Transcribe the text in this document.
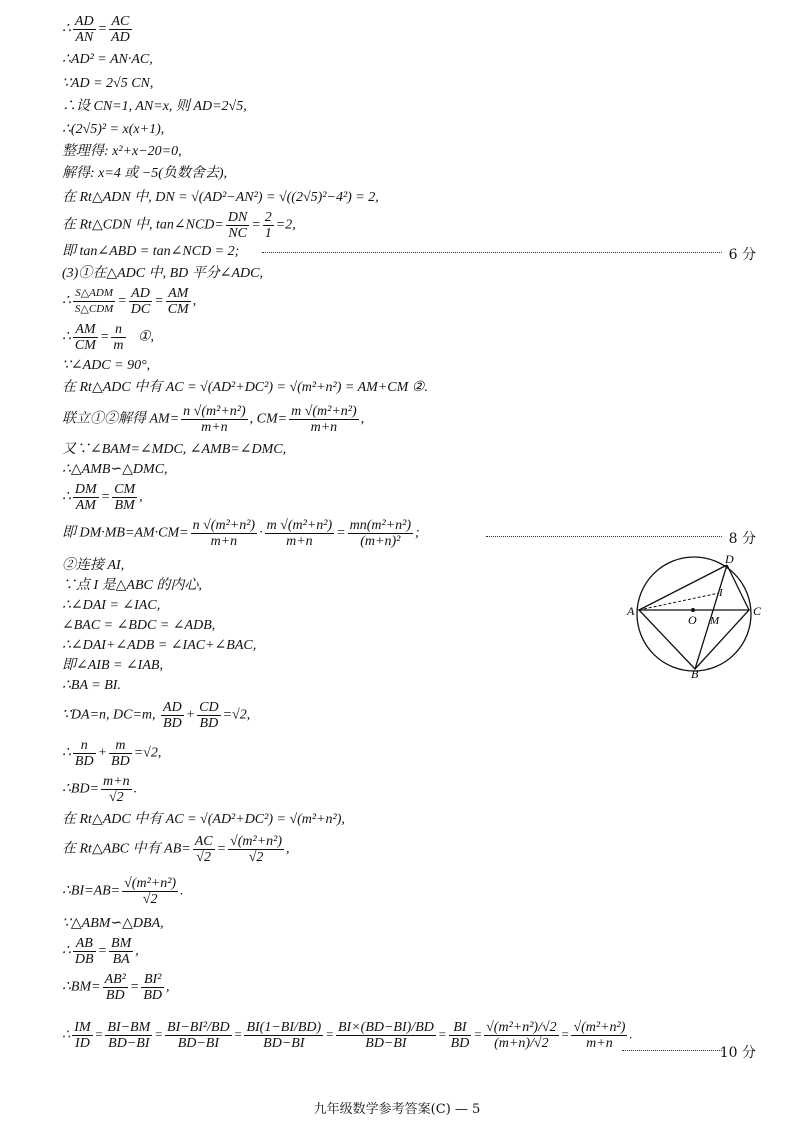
∴ $\frac{AD}{AN} = \frac{AC}{AD}$
∴AD² = AN·AC,
∵AD = 2√5 CN,
∴设 CN=1, AN=x, 则 AD=2√5,
∴(2√5)² = x(x+1),
整理得: x²+x−20=0,
解得: x=4 或 −5(负数舍去),
在 Rt△ADN 中, DN = √(AD²−AN²) = √((2√5)²−4²) = 2,
在 Rt△CDN 中, tan∠NCD= $\frac{DN}{NC} = \frac{2}{1} =2$,
即 tan∠ABD = tan∠NCD = 2;	6 分
(3)①在△ADC 中, BD 平分∠ADC,
∴ $\frac{\text{S△ADM}}{\text{S△CDM}} = \frac{AD}{DC} = \frac{AM}{CM}$ ,
∴ $\frac{AM}{CM} = \frac{n}{m}$ ①,
∵∠ADC = 90°,
在 Rt△ADC 中有 AC = √(AD²+DC²) = √(m²+n²) = AM+CM ②.
联立①②解得 $AM= \frac{\text{n √(m²+n²)}}{m+n}$ , $CM= \frac{\text{m √(m²+n²)}}{m+n}$ ,
又∵∠BAM=∠MDC, ∠AMB=∠DMC,
∴△AMB∽△DMC,
∴ $\frac{DM}{AM} = \frac{CM}{BM}$ ,
即 $DM\cdot MB=AM\cdot CM= \frac{\text{n √(m²+n²)}}{m+n} \cdot \frac{\text{m √(m²+n²)}}{m+n} = \frac{\text{mn(m²+n²)}}{\text{(m+n)²}}$ ;	8 分
②连接 AI,
∵点 I 是△ABC 的内心,
∴∠DAI = ∠IAC,
∠BAC = ∠BDC = ∠ADB,
∴∠DAI+∠ADB = ∠IAC+∠BAC,
即∠AIB = ∠IAB,
∴BA = BI.
∵DA=n, DC=m, $\frac{AD}{BD} + \frac{CD}{BD} =√2$,
∴ $\frac{n}{BD} + \frac{m}{BD} =√2$,
∴BD= $\frac{m+n}{√2}$ .
在 Rt△ADC 中有 AC = √(AD²+DC²) = √(m²+n²),
在 Rt△ABC 中有 $AB= \frac{AC}{√2} = \frac{\text{√(m²+n²)}}{√2}$ ,
∴BI=AB= $\frac{\text{√(m²+n²)}}{√2}$ .
∵△ABM∽△DBA,
∴ $\frac{AB}{DB} = \frac{BM}{BA}$ ,
∴BM= $\frac{\text{AB²}}{BD} = \frac{\text{BI²}}{BD}$ ,
∴ $\frac{IM}{ID} = \frac{BI-BM}{BD-BI} = \frac{\text{BI−BI²/BD}}{BD-BI} = \frac{BI(1-BI/BD)}{BD-BI} = \frac{BI\times(BD-BI)/BD}{BD-BI} = \frac{BI}{BD} = \frac{\text{√(m²+n²)/√2}}{(m+n)/√2} = \frac{\text{√(m²+n²)}}{m+n}$ .
10 分
A
B
C
D
O M
I
九年级数学参考答案(C) — 5
